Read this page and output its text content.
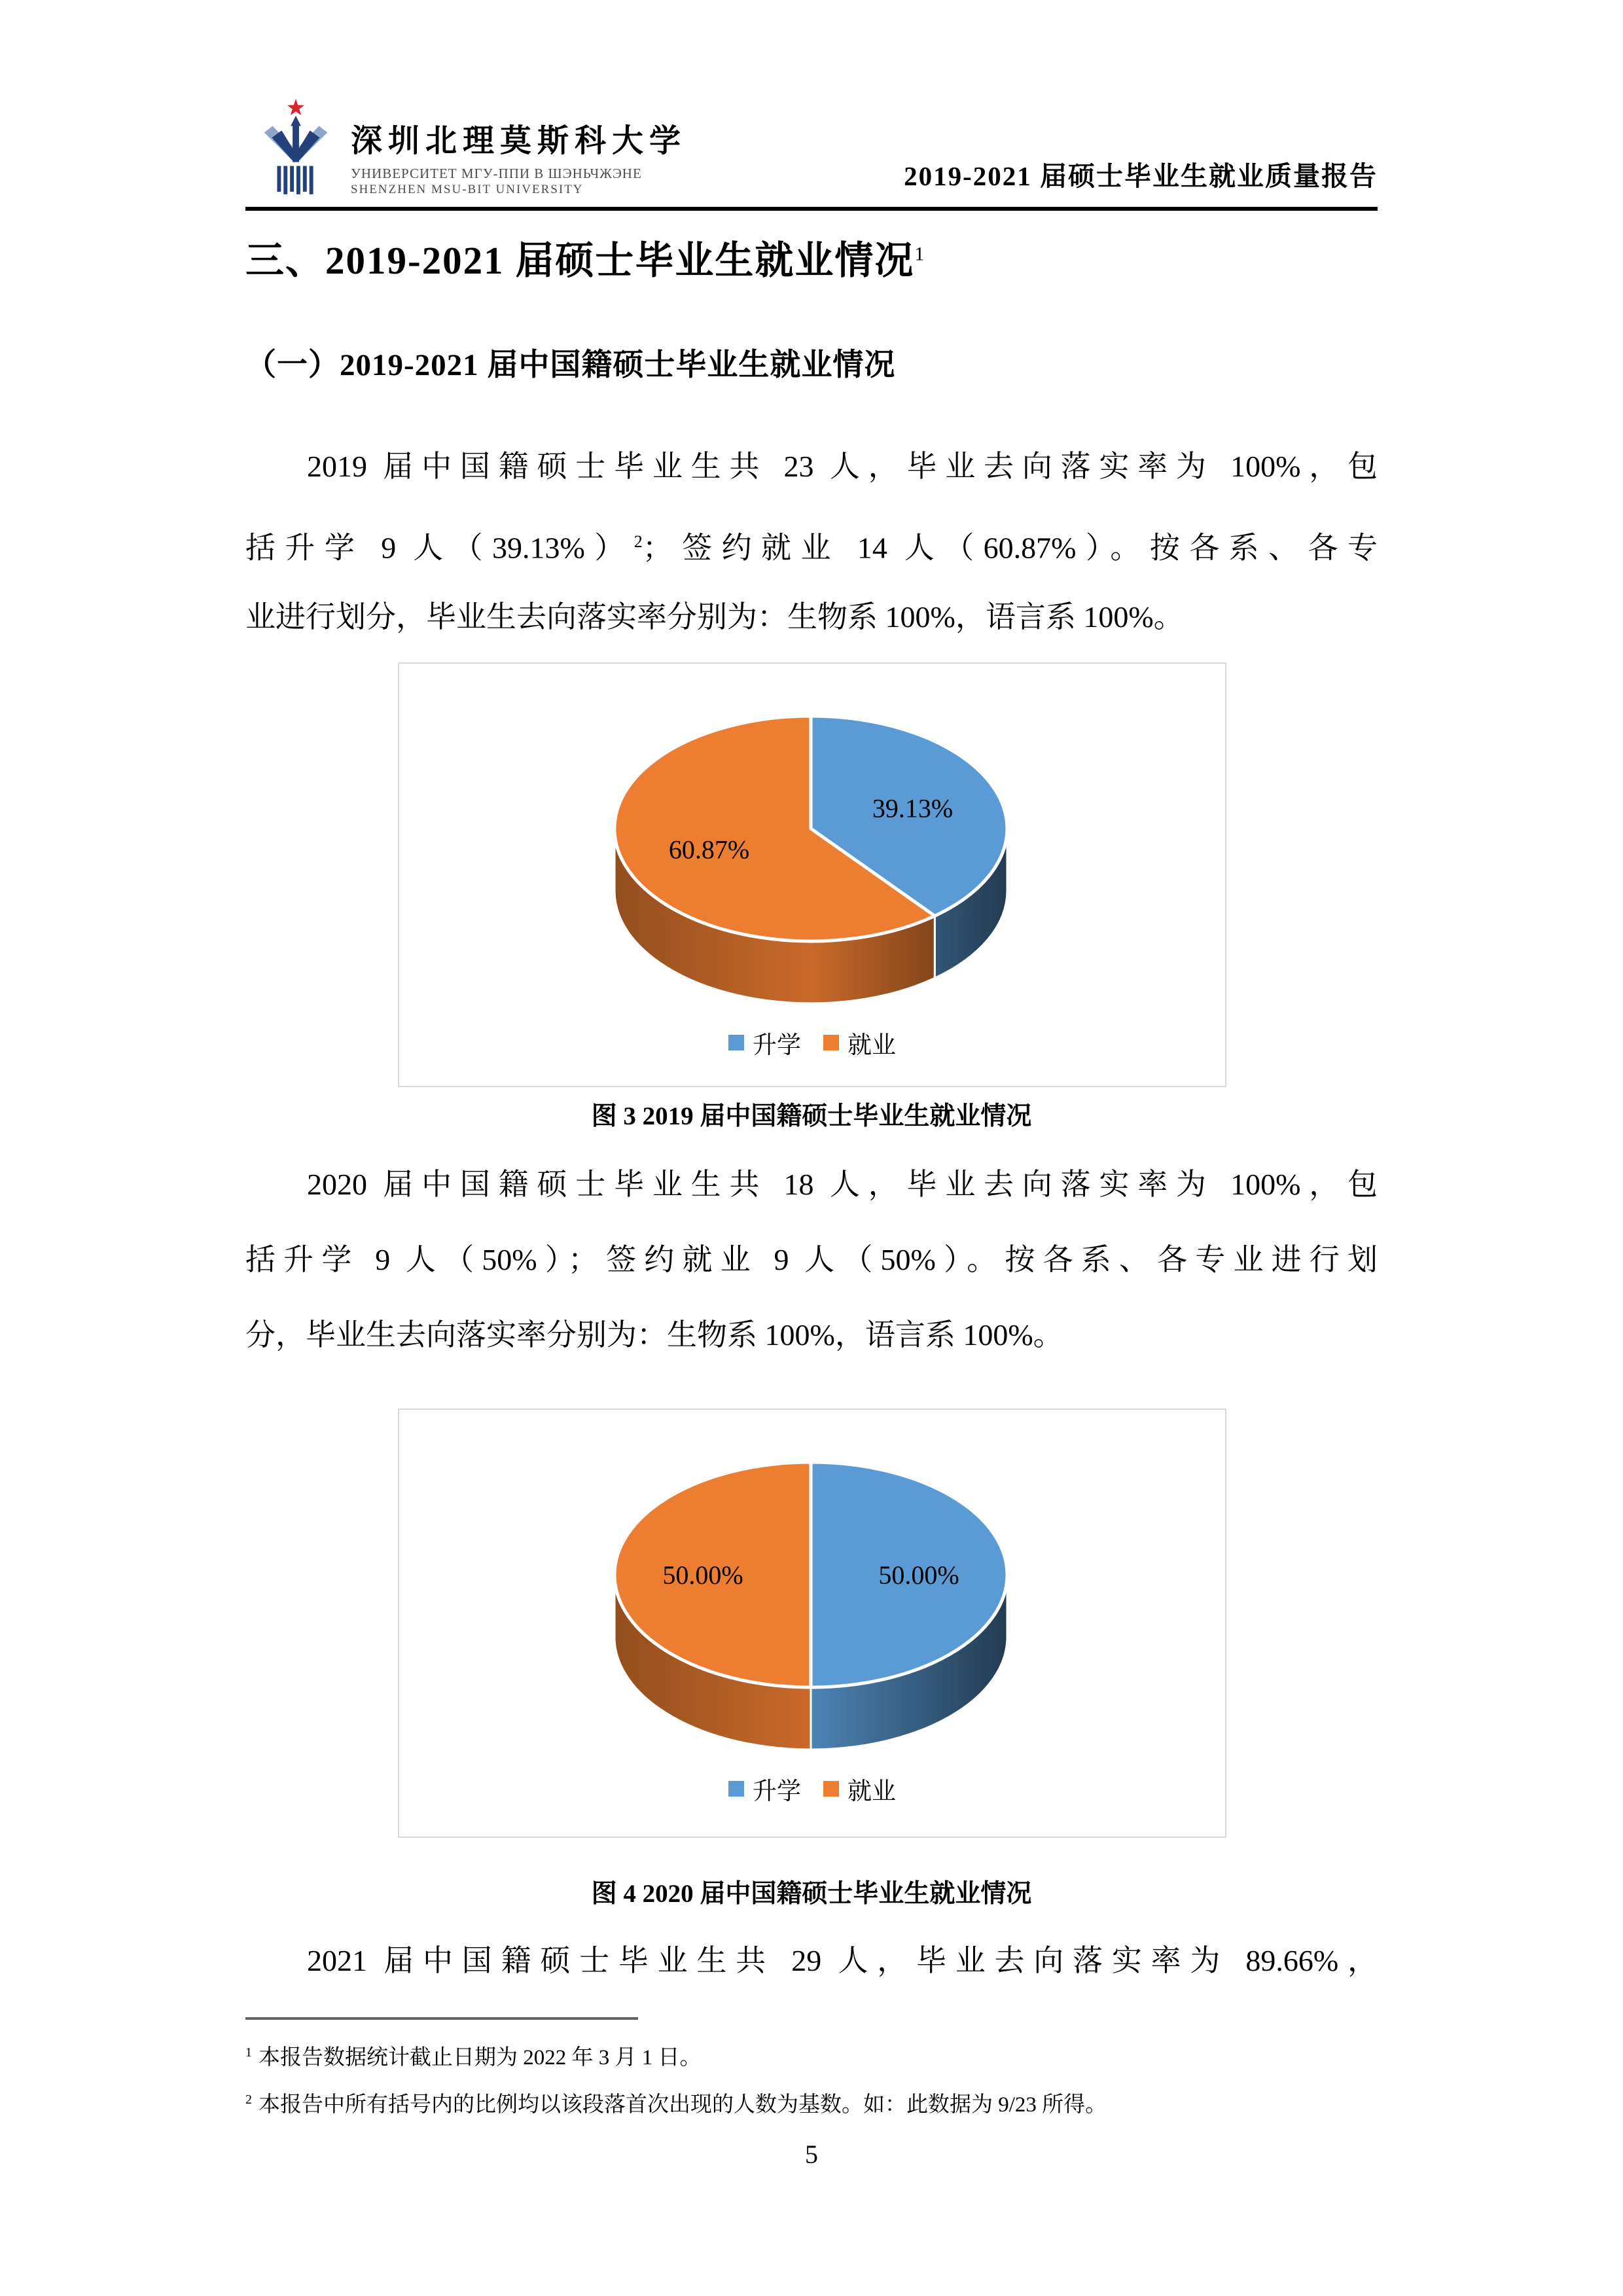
深圳北理莫斯科大学
УНИВЕРСИТЕТ МГУ-ППИ В ШЭНЬЧЖЭНЕ
SHENZHEN MSU-BIT UNIVERSITY	2019-2021 届硕士毕业生就业质量报告
三、2019-2021 届硕士毕业生就业情况$^1$
（一）2019-2021 届中国籍硕士毕业生就业情况
2019 届中国籍硕士毕业生共 23 人，毕业去向落实率为 100%，包
括升学 9 人$(39.13\%)^2$；签约就业 14 人（60.87%）。按各系、各专
业进行划分，毕业生去向落实率分别为：生物系 100%，语言系 100%。
39.13%
60.87%
升学 就业
图 3 2019 届中国籍硕士毕业生就业情况
2020 届中国籍硕士毕业生共 18 人，毕业去向落实率为 100%，包
括升学 9 人（50%）；签约就业 9 人（50%）。按各系、各专业进行划
分，毕业生去向落实率分别为：生物系 100%，语言系 100%。
50.00%
50.00%
升学 就业
图 4 2020 届中国籍硕士毕业生就业情况
2021 届中国籍硕士毕业生共 29 人，毕业去向落实率为 89.66%，
$^1$ 本报告数据统计截止日期为 2022 年 3 月 1 日。
$^2$ 本报告中所有括号内的比例均以该段落首次出现的人数为基数。如：此数据为 9/23 所得。
5
